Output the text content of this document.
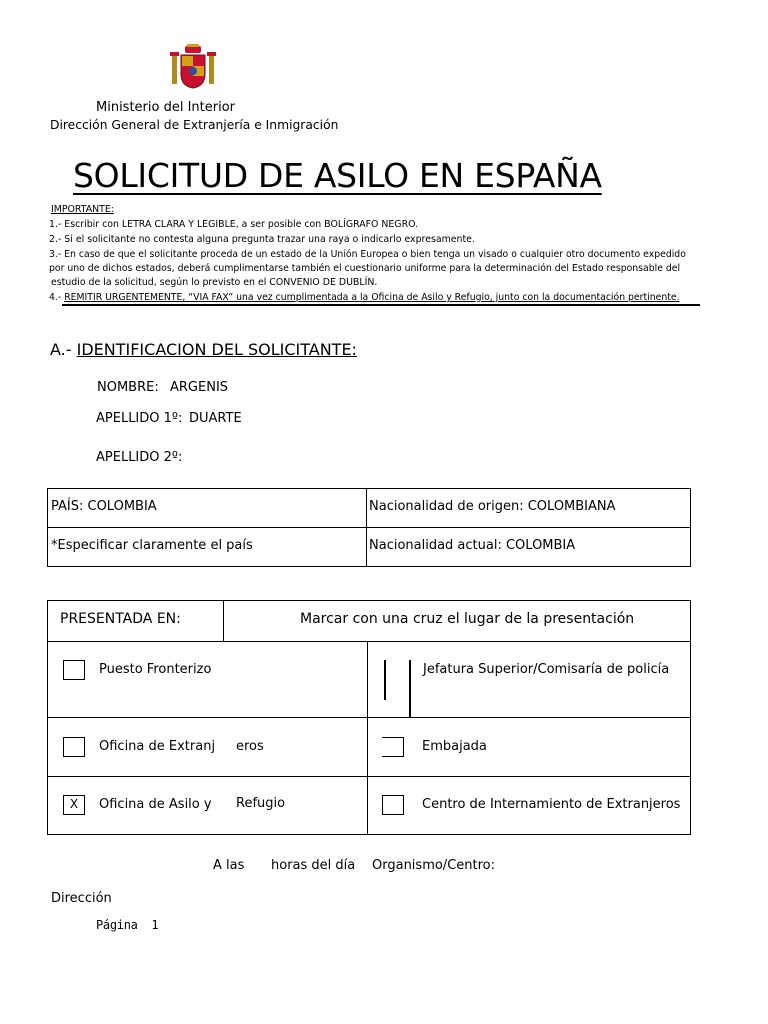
Ministerio del Interior
Dirección General de Extranjería e Inmigración
SOLICITUD DE ASILO EN ESPAÑA
IMPORTANTE:
1.- Escribir con LETRA CLARA Y LEGIBLE, a ser posible con BOLÍGRAFO NEGRO.
2.- Si el solicitante no contesta alguna pregunta trazar una raya o indicarlo expresamente.
3.- En caso de que el solicitante proceda de un estado de la Unión Europea o bien tenga un visado o cualquier otro documento expedido
por uno de dichos estados, deberá cumplimentarse también el cuestionario uniforme para la determinación del Estado responsable del
estudio de la solicitud, según lo previsto en el CONVENIO DE DUBLÍN.
4.- REMITIR URGENTEMENTE, “VIA FAX” una vez cumplimentada a la Oficina de Asilo y Refugio, junto con la documentación pertinente.
A.- IDENTIFICACION DEL SOLICITANTE:
NOMBRE: ARGENIS
APELLIDO 1º: DUARTE
APELLIDO 2º:
PAÍS: COLOMBIA	Nacionalidad de origen: COLOMBIANA
*Especificar claramente el país	Nacionalidad actual: COLOMBIA
PRESENTADA EN:	Marcar con una cruz el lugar de la presentación
Puesto Fronterizo	Jefatura Superior/Comisaría de policía
Oficina de Extranj eros	Embajada
X	Oficina de Asilo y Refugio	Centro de Internamiento de Extranjeros
A las horas del día Organismo/Centro:
Dirección
Página  1
